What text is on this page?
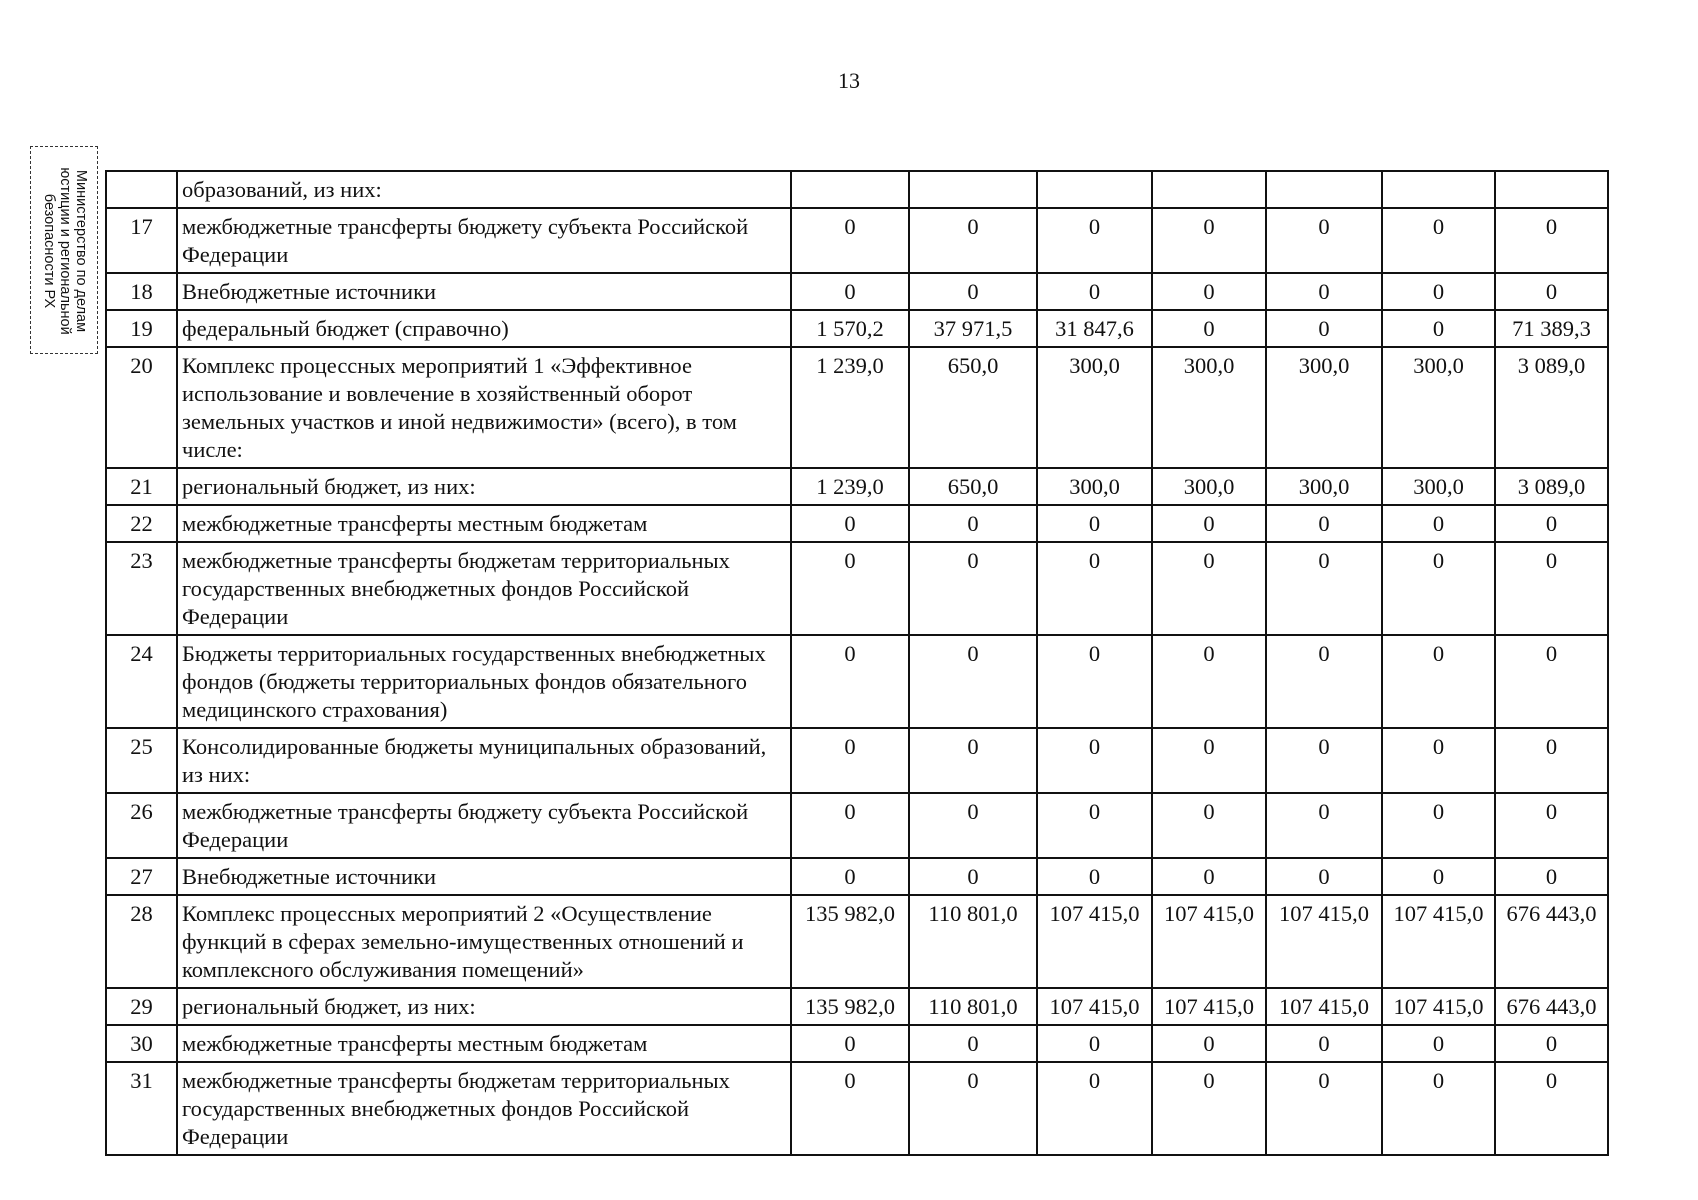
13
Министерство по делам
юстиции и региональной
безопасности РХ
	образований, из них:							
17	межбюджетные трансферты бюджету субъекта Российской Федерации	0	0	0	0	0	0	0
18	Внебюджетные источники	0	0	0	0	0	0	0
19	федеральный бюджет (справочно)	1 570,2	37 971,5	31 847,6	0	0	0	71 389,3
20	Комплекс процессных мероприятий 1 «Эффективное использование и вовлечение в хозяйственный оборот земельных участков и иной недвижимости» (всего), в том числе:	1 239,0	650,0	300,0	300,0	300,0	300,0	3 089,0
21	региональный бюджет, из них:	1 239,0	650,0	300,0	300,0	300,0	300,0	3 089,0
22	межбюджетные трансферты местным бюджетам	0	0	0	0	0	0	0
23	межбюджетные трансферты бюджетам территориальных государственных внебюджетных фондов Российской Федерации	0	0	0	0	0	0	0
24	Бюджеты территориальных государственных внебюджетных фондов (бюджеты территориальных фондов обязательного медицинского страхования)	0	0	0	0	0	0	0
25	Консолидированные бюджеты муниципальных образований, из них:	0	0	0	0	0	0	0
26	межбюджетные трансферты бюджету субъекта Российской Федерации	0	0	0	0	0	0	0
27	Внебюджетные источники	0	0	0	0	0	0	0
28	Комплекс процессных мероприятий 2 «Осуществление функций в сферах земельно-имущественных отношений и комплексного обслуживания помещений»	135 982,0	110 801,0	107 415,0	107 415,0	107 415,0	107 415,0	676 443,0
29	региональный бюджет, из них:	135 982,0	110 801,0	107 415,0	107 415,0	107 415,0	107 415,0	676 443,0
30	межбюджетные трансферты местным бюджетам	0	0	0	0	0	0	0
31	межбюджетные трансферты бюджетам территориальных государственных внебюджетных фондов Российской Федерации	0	0	0	0	0	0	0
